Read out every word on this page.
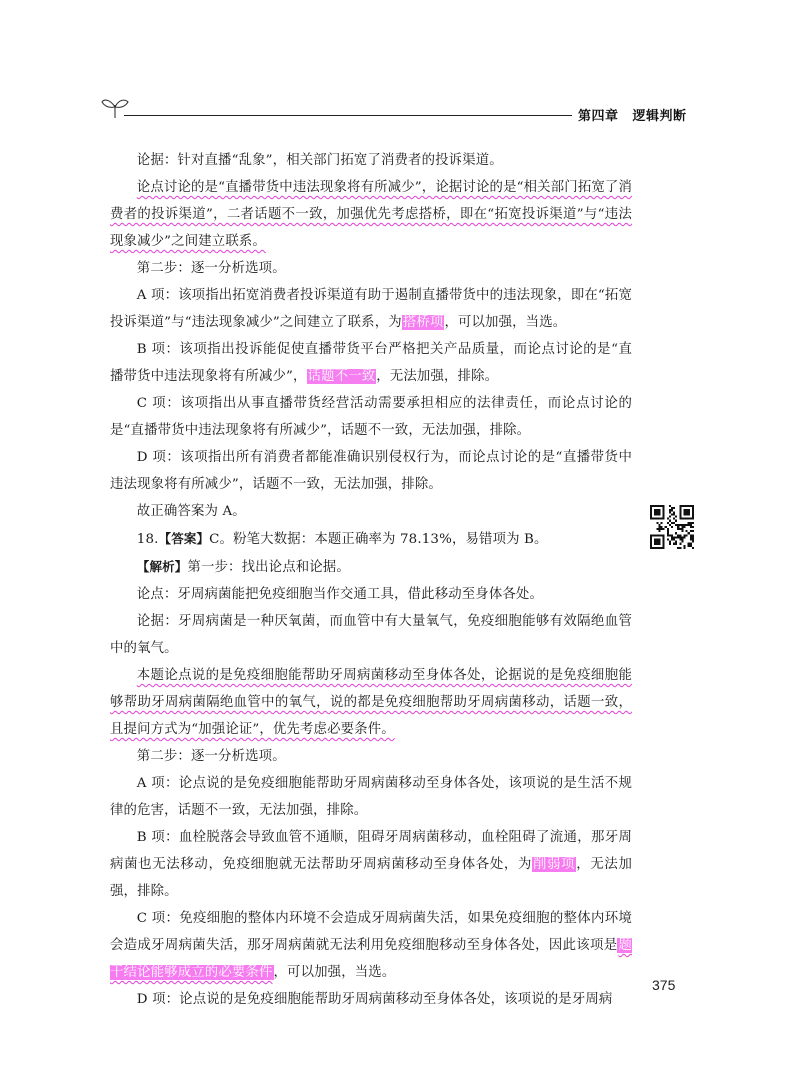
第四章 逻辑判断

论据：针对直播“乱象”，相关部门拓宽了消费者的投诉渠道。

论点讨论的是“直播带货中违法现象将有所减少”，论据讨论的是“相关部门拓宽了消费者的投诉渠道”，二者话题不一致，加强优先考虑搭桥，即在“拓宽投诉渠道”与“违法现象减少”之间建立联系。

第二步：逐一分析选项。

A 项：该项指出拓宽消费者投诉渠道有助于遏制直播带货中的违法现象，即在“拓宽投诉渠道”与“违法现象减少”之间建立了联系，为搭桥项，可以加强，当选。

B 项：该项指出投诉能促使直播带货平台严格把关产品质量，而论点讨论的是“直播带货中违法现象将有所减少”，话题不一致，无法加强，排除。

C 项：该项指出从事直播带货经营活动需要承担相应的法律责任，而论点讨论的是“直播带货中违法现象将有所减少”，话题不一致，无法加强，排除。

D 项：该项指出所有消费者都能准确识别侵权行为，而论点讨论的是“直播带货中违法现象将有所减少”，话题不一致，无法加强，排除。

故正确答案为 A。

18.【答案】C。粉笔大数据：本题正确率为 78.13%，易错项为 B。

【解析】第一步：找出论点和论据。

论点：牙周病菌能把免疫细胞当作交通工具，借此移动至身体各处。

论据：牙周病菌是一种厌氧菌，而血管中有大量氧气，免疫细胞能够有效隔绝血管中的氧气。

本题论点说的是免疫细胞能帮助牙周病菌移动至身体各处，论据说的是免疫细胞能够帮助牙周病菌隔绝血管中的氧气，说的都是免疫细胞帮助牙周病菌移动，话题一致，且提问方式为“加强论证”，优先考虑必要条件。

第二步：逐一分析选项。

A 项：论点说的是免疫细胞能帮助牙周病菌移动至身体各处，该项说的是生活不规律的危害，话题不一致，无法加强，排除。

B 项：血栓脱落会导致血管不通顺，阻碍牙周病菌移动，血栓阻碍了流通，那牙周病菌也无法移动，免疫细胞就无法帮助牙周病菌移动至身体各处，为削弱项，无法加强，排除。

C 项：免疫细胞的整体内环境不会造成牙周病菌失活，如果免疫细胞的整体内环境会造成牙周病菌失活，那牙周病菌就无法利用免疫细胞移动至身体各处，因此该项是题干结论能够成立的必要条件，可以加强，当选。

D 项：论点说的是免疫细胞能帮助牙周病菌移动至身体各处，该项说的是牙周病

375
